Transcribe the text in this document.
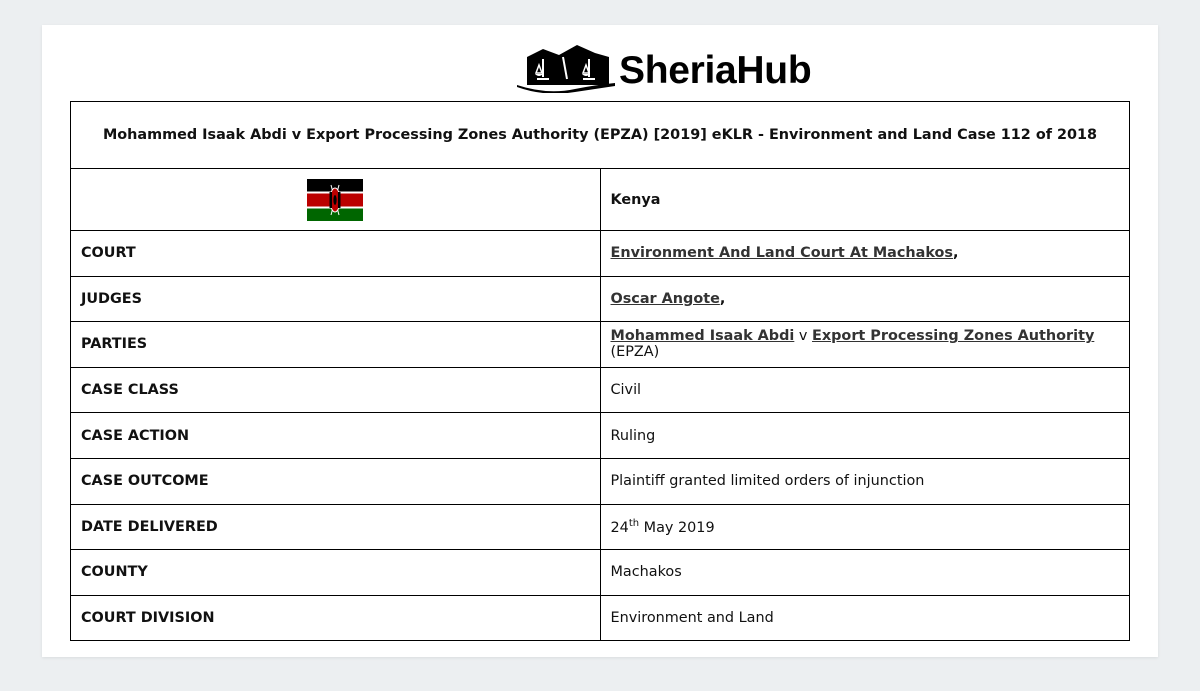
SheriaHub
Mohammed Isaak Abdi v Export Processing Zones Authority (EPZA) [2019] eKLR - Environment and Land Case 112 of 2018	
	Kenya
COURT	Environment And Land Court At Machakos,
JUDGES	Oscar Angote,
PARTIES	Mohammed Isaak Abdi v Export Processing Zones Authority (EPZA)
CASE CLASS	Civil
CASE ACTION	Ruling
CASE OUTCOME	Plaintiff granted limited orders of injunction
DATE DELIVERED	24th May 2019
COUNTY	Machakos
COURT DIVISION	Environment and Land
